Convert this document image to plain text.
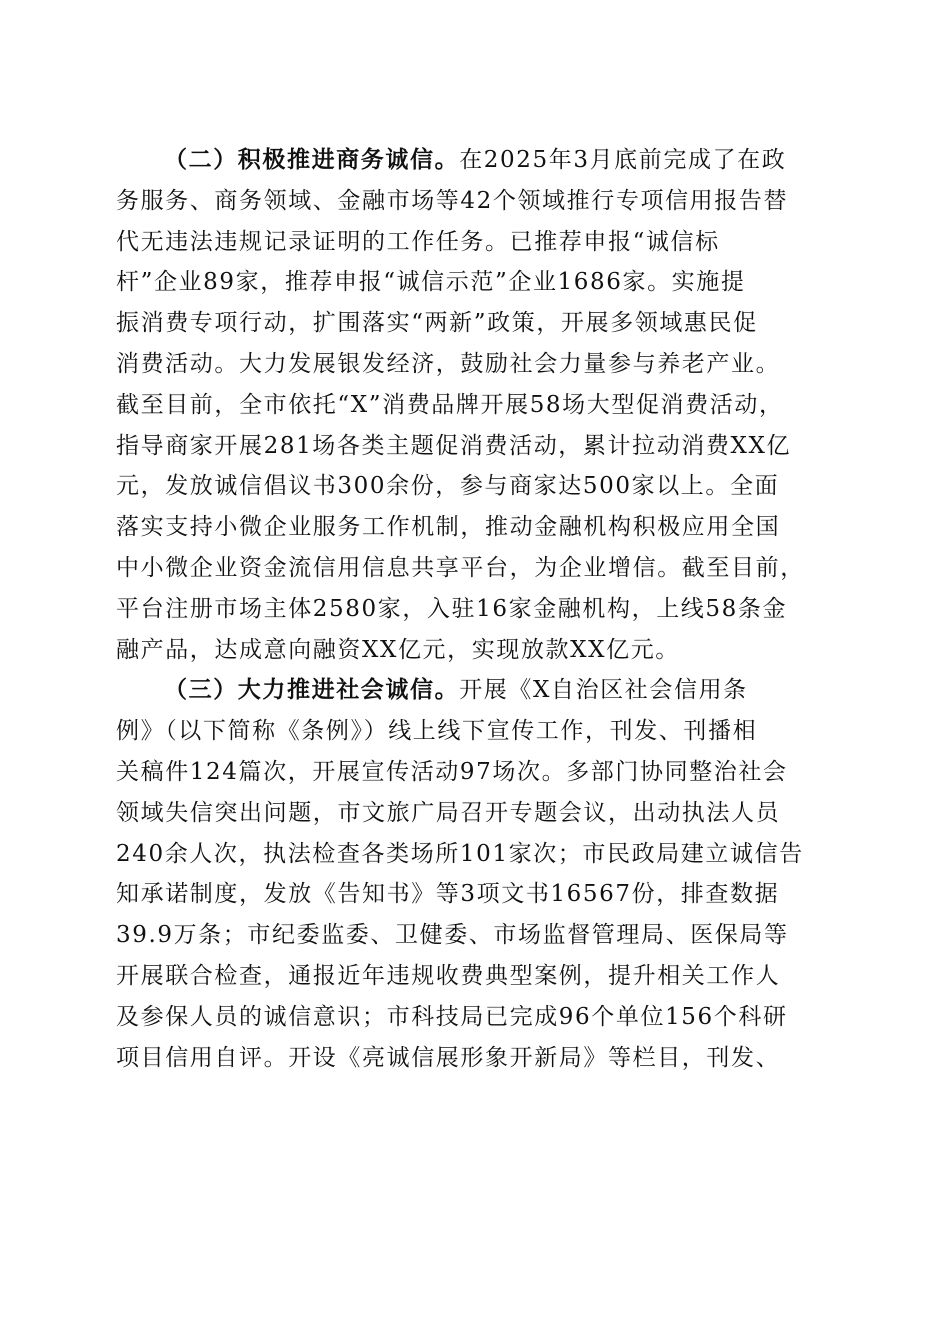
（二）积极推进商务诚信。在2025年3月底前完成了在政
务服务、商务领域、金融市场等42个领域推行专项信用报告替
代无违法违规记录证明的工作任务。已推荐申报“诚信标
杆”企业89家，推荐申报“诚信示范”企业1686家。实施提
振消费专项行动，扩围落实“两新”政策，开展多领域惠民促
消费活动。大力发展银发经济，鼓励社会力量参与养老产业。
截至目前，全市依托“X”消费品牌开展58场大型促消费活动，
指导商家开展281场各类主题促消费活动，累计拉动消费XX亿
元，发放诚信倡议书300余份，参与商家达500家以上。全面
落实支持小微企业服务工作机制，推动金融机构积极应用全国
中小微企业资金流信用信息共享平台，为企业增信。截至目前，
平台注册市场主体2580家，入驻16家金融机构，上线58条金
融产品，达成意向融资XX亿元，实现放款XX亿元。
（三）大力推进社会诚信。开展《X自治区社会信用条
例》（以下简称《条例》）线上线下宣传工作，刊发、刊播相
关稿件124篇次，开展宣传活动97场次。多部门协同整治社会
领域失信突出问题，市文旅广局召开专题会议，出动执法人员
240余人次，执法检查各类场所101家次；市民政局建立诚信告
知承诺制度，发放《告知书》等3项文书16567份，排查数据
39.9万条；市纪委监委、卫健委、市场监督管理局、医保局等
开展联合检查，通报近年违规收费典型案例，提升相关工作人
及参保人员的诚信意识；市科技局已完成96个单位156个科研
项目信用自评。开设《亮诚信展形象开新局》等栏目，刊发、
